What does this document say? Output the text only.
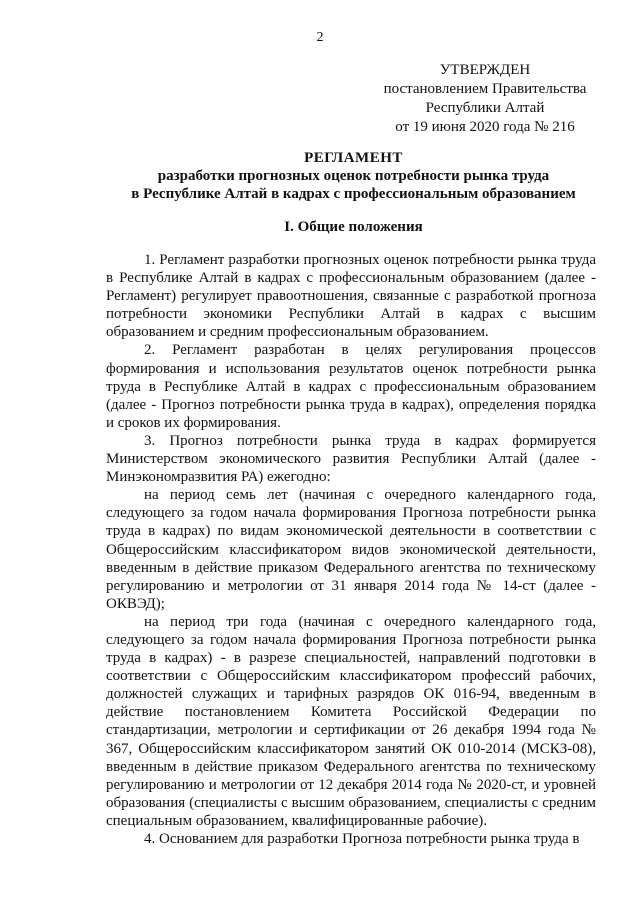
2
УТВЕРЖДЕН
постановлением Правительства
Республики Алтай
от 19 июня 2020 года № 216
РЕГЛАМЕНТ
разработки прогнозных оценок потребности рынка труда
в Республике Алтай в кадрах с профессиональным образованием
I. Общие положения

1. Регламент разработки прогнозных оценок потребности рынка труда в Республике Алтай в кадрах с профессиональным образованием (далее - Регламент) регулирует правоотношения, связанные с разработкой прогноза потребности экономики Республики Алтай в кадрах с высшим образованием и средним профессиональным образованием.

2. Регламент разработан в целях регулирования процессов формирования и использования результатов оценок потребности рынка труда в Республике Алтай в кадрах с профессиональным образованием (далее - Прогноз потребности рынка труда в кадрах), определения порядка и сроков их формирования.

3. Прогноз потребности рынка труда в кадрах формируется Министерством экономического развития Республики Алтай (далее - Минэкономразвития РА) ежегодно:

на период семь лет (начиная с очередного календарного года, следующего за годом начала формирования Прогноза потребности рынка труда в кадрах) по видам экономической деятельности в соответствии с Общероссийским классификатором видов экономической деятельности, введенным в действие приказом Федерального агентства по техническому регулированию и метрологии от 31 января 2014 года № 14-ст (далее - ОКВЭД);

на период три года (начиная с очередного календарного года, следующего за годом начала формирования Прогноза потребности рынка труда в кадрах) - в разрезе специальностей, направлений подготовки в соответствии с Общероссийским классификатором профессий рабочих, должностей служащих и тарифных разрядов ОК 016-94, введенным в действие постановлением Комитета Российской Федерации по стандартизации, метрологии и сертификации от 26 декабря 1994 года № 367, Общероссийским классификатором занятий ОК 010-2014 (МСКЗ-08), введенным в действие приказом Федерального агентства по техническому регулированию и метрологии от 12 декабря 2014 года № 2020-ст, и уровней образования (специалисты с высшим образованием, специалисты с средним специальным образованием, квалифицированные рабочие).

4. Основанием для разработки Прогноза потребности рынка труда в
